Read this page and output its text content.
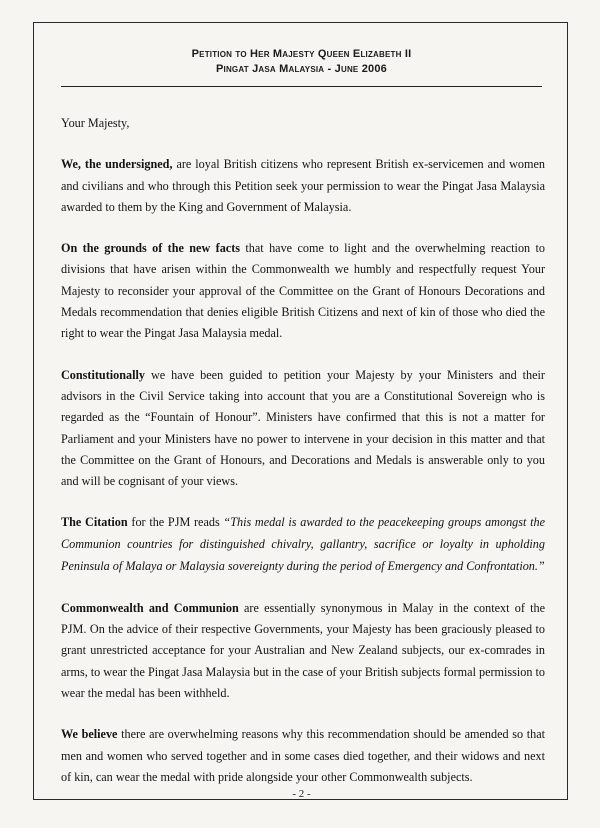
Petition to Her Majesty Queen Elizabeth II
Pingat Jasa Malaysia - June 2006

Your Majesty,

We, the undersigned, are loyal British citizens who represent British ex-servicemen and women and civilians and who through this Petition seek your permission to wear the Pingat Jasa Malaysia awarded to them by the King and Government of Malaysia.

On the grounds of the new facts that have come to light and the overwhelming reaction to divisions that have arisen within the Commonwealth we humbly and respectfully request Your Majesty to reconsider your approval of the Committee on the Grant of Honours Decorations and Medals recommendation that denies eligible British Citizens and next of kin of those who died the right to wear the Pingat Jasa Malaysia medal.

Constitutionally we have been guided to petition your Majesty by your Ministers and their advisors in the Civil Service taking into account that you are a Constitutional Sovereign who is regarded as the “Fountain of Honour”. Ministers have confirmed that this is not a matter for Parliament and your Ministers have no power to intervene in your decision in this matter and that the Committee on the Grant of Honours, and Decorations and Medals is answerable only to you and will be cognisant of your views.

The Citation for the PJM reads “This medal is awarded to the peacekeeping groups amongst the Communion countries for distinguished chivalry, gallantry, sacrifice or loyalty in upholding Peninsula of Malaya or Malaysia sovereignty during the period of Emergency and Confrontation.”

Commonwealth and Communion are essentially synonymous in Malay in the context of the PJM. On the advice of their respective Governments, your Majesty has been graciously pleased to grant unrestricted acceptance for your Australian and New Zealand subjects, our ex-comrades in arms, to wear the Pingat Jasa Malaysia but in the case of your British subjects formal permission to wear the medal has been withheld.

We believe there are overwhelming reasons why this recommendation should be amended so that men and women who served together and in some cases died together, and their widows and next of kin, can wear the medal with pride alongside your other Commonwealth subjects.

- 2 -
